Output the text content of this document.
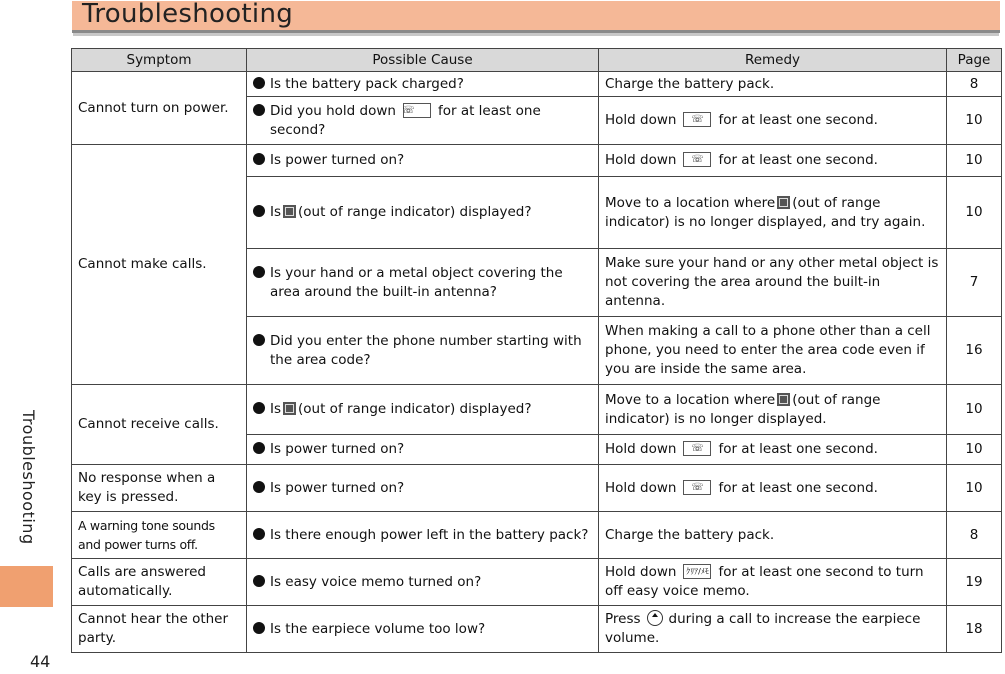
Troubleshooting
44
Troubleshooting
Symptom	Possible Cause	Remedy	Page
Cannot turn on power.	Is the battery pack charged?	Charge the battery pack.	8

	Did you hold down ☏ for at least one second?	Hold down ☏ for at least one second.	10
Cannot make calls.	Is power turned on?	Hold down ☏ for at least one second.	10

	Is (out of range indicator) displayed?	Move to a location where (out of range indicator) is no longer displayed, and try again.	10

	Is your hand or a metal object covering the area around the built-in antenna?	Make sure your hand or any other metal object is not covering the area around the built-in antenna.	7

	Did you enter the phone number starting with the area code?	When making a call to a phone other than a cell phone, you need to enter the area code even if you are inside the same area.	16
Cannot receive calls.	Is (out of range indicator) displayed?	Move to a location where (out of range indicator) is no longer displayed.	10

	Is power turned on?	Hold down ☏ for at least one second.	10
No response when a key is pressed.	Is power turned on?	Hold down ☏ for at least one second.	10
A warning tone sounds and power turns off.	Is there enough power left in the battery pack?	Charge the battery pack.	8
Calls are answered automatically.	Is easy voice memo turned on?	Hold down ｸﾘｱ/ﾒﾓ for at least one second to turn off easy voice memo.	19
Cannot hear the other party.	Is the earpiece volume too low?	Press during a call to increase the earpiece volume.	18
